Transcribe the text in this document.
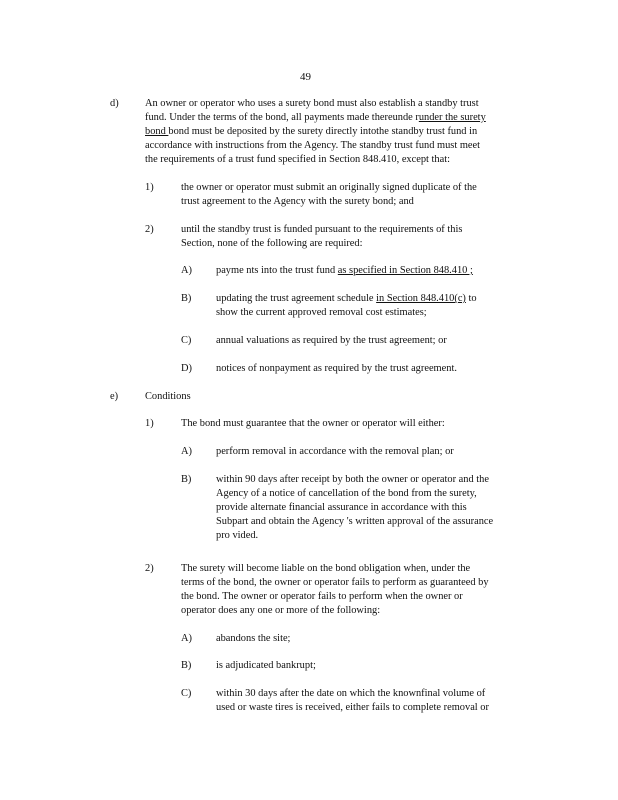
49
d)	An owner or operator who uses a surety bond must also establish a standby trust
fund. Under the terms of the bond, all payments made thereunde runder the surety
bond bond must be deposited by the surety directly intothe standby trust fund in
accordance with instructions from the Agency. The standby trust fund must meet
the requirements of a trust fund specified in Section 848.410, except that:
1)	the owner or operator must submit an originally signed duplicate of the
trust agreement to the Agency with the surety bond; and
2)	until the standby trust is funded pursuant to the requirements of this
Section, none of the following are required:
A) payme nts into the trust fund as specified in Section 848.410 ;
B) updating the trust agreement schedule in Section 848.410(c) to
show the current approved removal cost estimates;
C) annual valuations as required by the trust agreement; or
D) notices of nonpayment as required by the trust agreement.
e)	Conditions
1)	The bond must guarantee that the owner or operator will either:
A) perform removal in accordance with the removal plan; or
B) within 90 days after receipt by both the owner or operator and the
Agency of a notice of cancellation of the bond from the surety,
provide alternate financial assurance in accordance with this
Subpart and obtain the Agency 's written approval of the assurance
pro vided.
2)	The surety will become liable on the bond obligation when, under the
terms of the bond, the owner or operator fails to perform as guaranteed by
the bond. The owner or operator fails to perform when the owner or
operator does any one or more of the following:
A) abandons the site;
B) is adjudicated bankrupt;
C) within 30 days after the date on which the knownfinal volume of
used or waste tires is received, either fails to complete removal or
